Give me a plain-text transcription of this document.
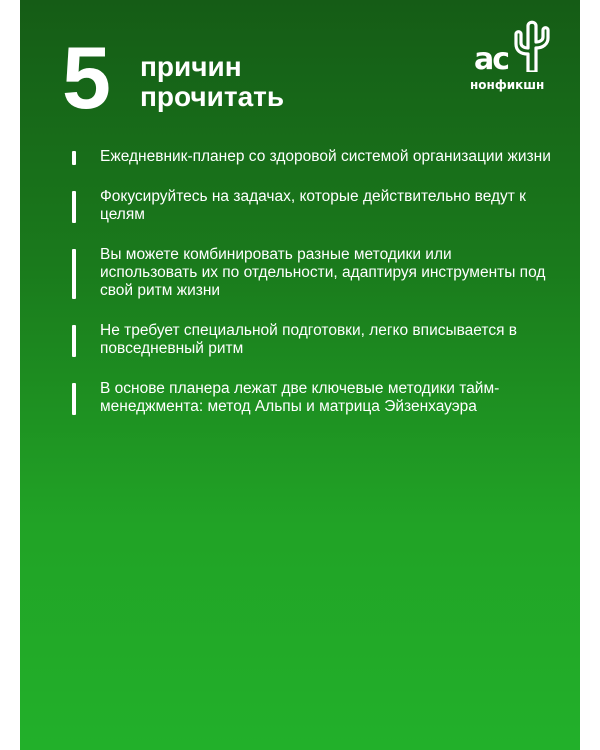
5 причин
прочитать
ас
нонфикшн
Ежедневник-планер со здоровой системой организации жизни
Фокусируйтесь на задачах, которые действительно ведут к целям
Вы можете комбинировать разные методики или использовать их по отдельности, адаптируя инструменты под свой ритм жизни
Не требует специальной подготовки, легко вписывается в повседневный ритм
В основе планера лежат две ключевые методики тайм-менеджмента: метод Альпы и матрица Эйзенхауэра
